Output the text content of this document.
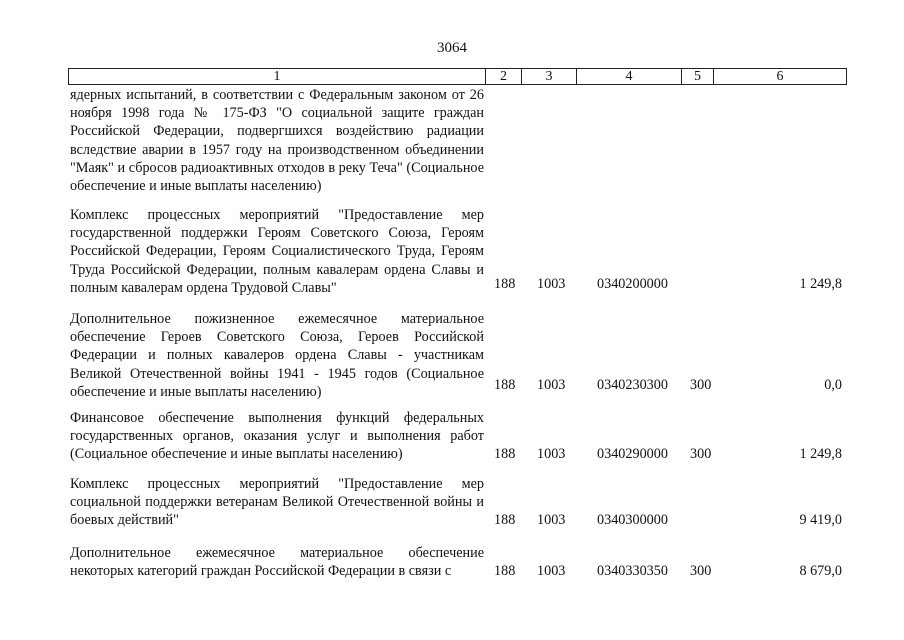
3064
1	2	3	4	5	6
ядерных испытаний, в соответствии с Федеральным законом от 26 ноября 1998 года № 175-ФЗ "О социальной защите граждан Российской Федерации, подвергшихся воздействию радиации вследствие аварии в 1957 году на производственном объединении "Маяк" и сбросов радиоактивных отходов в реку Теча" (Социальное обеспечение и иные выплаты населению)
Комплекс процессных мероприятий "Предоставление мер государственной поддержки Героям Советского Союза, Героям Российской Федерации, Героям Социалистического Труда, Героям Труда Российской Федерации, полным кавалерам ордена Славы и полным кавалерам ордена Трудовой Славы"	188 1003 0340200000	1 249,8
Дополнительное пожизненное ежемесячное материальное обеспечение Героев Советского Союза, Героев Российской Федерации и полных кавалеров ордена Славы - участникам Великой Отечественной войны 1941 - 1945 годов (Социальное обеспечение и иные выплаты населению)	188 1003 0340230300 300	0,0
Финансовое обеспечение выполнения функций федеральных государственных органов, оказания услуг и выполнения работ (Социальное обеспечение и иные выплаты населению)	188 1003 0340290000 300	1 249,8
Комплекс процессных мероприятий "Предоставление мер социальной поддержки ветеранам Великой Отечественной войны и боевых действий"	188 1003 0340300000	9 419,0
Дополнительное ежемесячное материальное обеспечение некоторых категорий граждан Российской Федерации в связи с	188 1003 0340330350 300	8 679,0
